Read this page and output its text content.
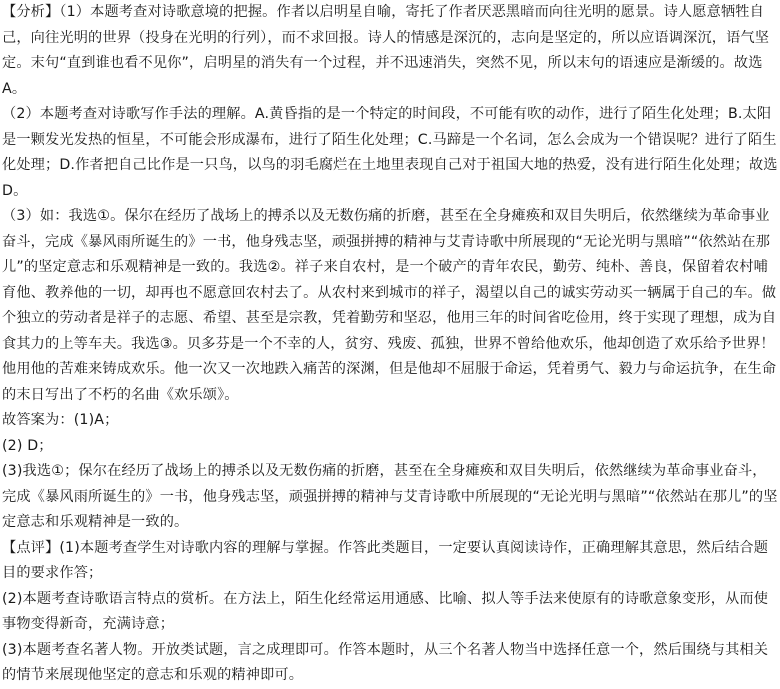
【分析】（1）本题考查对诗歌意境的把握。作者以启明星自喻，寄托了作者厌恶黑暗而向往光明的愿景。诗人愿意牺牲自己，向往光明的世界（投身在光明的行列），而不求回报。诗人的情感是深沉的，志向是坚定的，所以应语调深沉，语气坚定。末句“直到谁也看不见你”，启明星的消失有一个过程，并不迅速消失，突然不见，所以末句的语速应是渐缓的。故选A。

（2）本题考查对诗歌写作手法的理解。A.黄昏指的是一个特定的时间段，不可能有吹的动作，进行了陌生化处理；B.太阳是一颗发光发热的恒星，不可能会形成瀑布，进行了陌生化处理；C.马蹄是一个名词，怎么会成为一个错误呢？进行了陌生化处理；D.作者把自己比作是一只鸟，以鸟的羽毛腐烂在土地里表现自己对于祖国大地的热爱，没有进行陌生化处理；故选D。

（3）如：我选①。保尔在经历了战场上的搏杀以及无数伤痛的折磨，甚至在全身瘫痪和双目失明后，依然继续为革命事业奋斗，完成《暴风雨所诞生的》一书，他身残志坚，顽强拼搏的精神与艾青诗歌中所展现的“无论光明与黑暗”“依然站在那儿”的坚定意志和乐观精神是一致的。我选②。祥子来自农村，是一个破产的青年农民，勤劳、纯朴、善良，保留着农村哺育他、教养他的一切，却再也不愿意回农村去了。从农村来到城市的祥子，渴望以自己的诚实劳动买一辆属于自己的车。做个独立的劳动者是祥子的志愿、希望、甚至是宗教，凭着勤劳和坚忍，他用三年的时间省吃俭用，终于实现了理想，成为自食其力的上等车夫。我选③。贝多芬是一个不幸的人，贫穷、残废、孤独，世界不曾给他欢乐，他却创造了欢乐给予世界！他用他的苦难来铸成欢乐。他一次又一次地跌入痛苦的深渊，但是他却不屈服于命运，凭着勇气、毅力与命运抗争，在生命的末日写出了不朽的名曲《欢乐颂》。

故答案为：(1)A；

(2) D；

(3)我选①；保尔在经历了战场上的搏杀以及无数伤痛的折磨，甚至在全身瘫痪和双目失明后，依然继续为革命事业奋斗，完成《暴风雨所诞生的》一书，他身残志坚，顽强拼搏的精神与艾青诗歌中所展现的“无论光明与黑暗”“依然站在那儿”的坚定意志和乐观精神是一致的。

【点评】(1)本题考查学生对诗歌内容的理解与掌握。作答此类题目，一定要认真阅读诗作，正确理解其意思，然后结合题目的要求作答；

(2)本题考查诗歌语言特点的赏析。在方法上，陌生化经常运用通感、比喻、拟人等手法来使原有的诗歌意象变形，从而使事物变得新奇，充满诗意；

(3)本题考查名著人物。开放类试题，言之成理即可。作答本题时，从三个名著人物当中选择任意一个，然后围绕与其相关的情节来展现他坚定的意志和乐观的精神即可。
